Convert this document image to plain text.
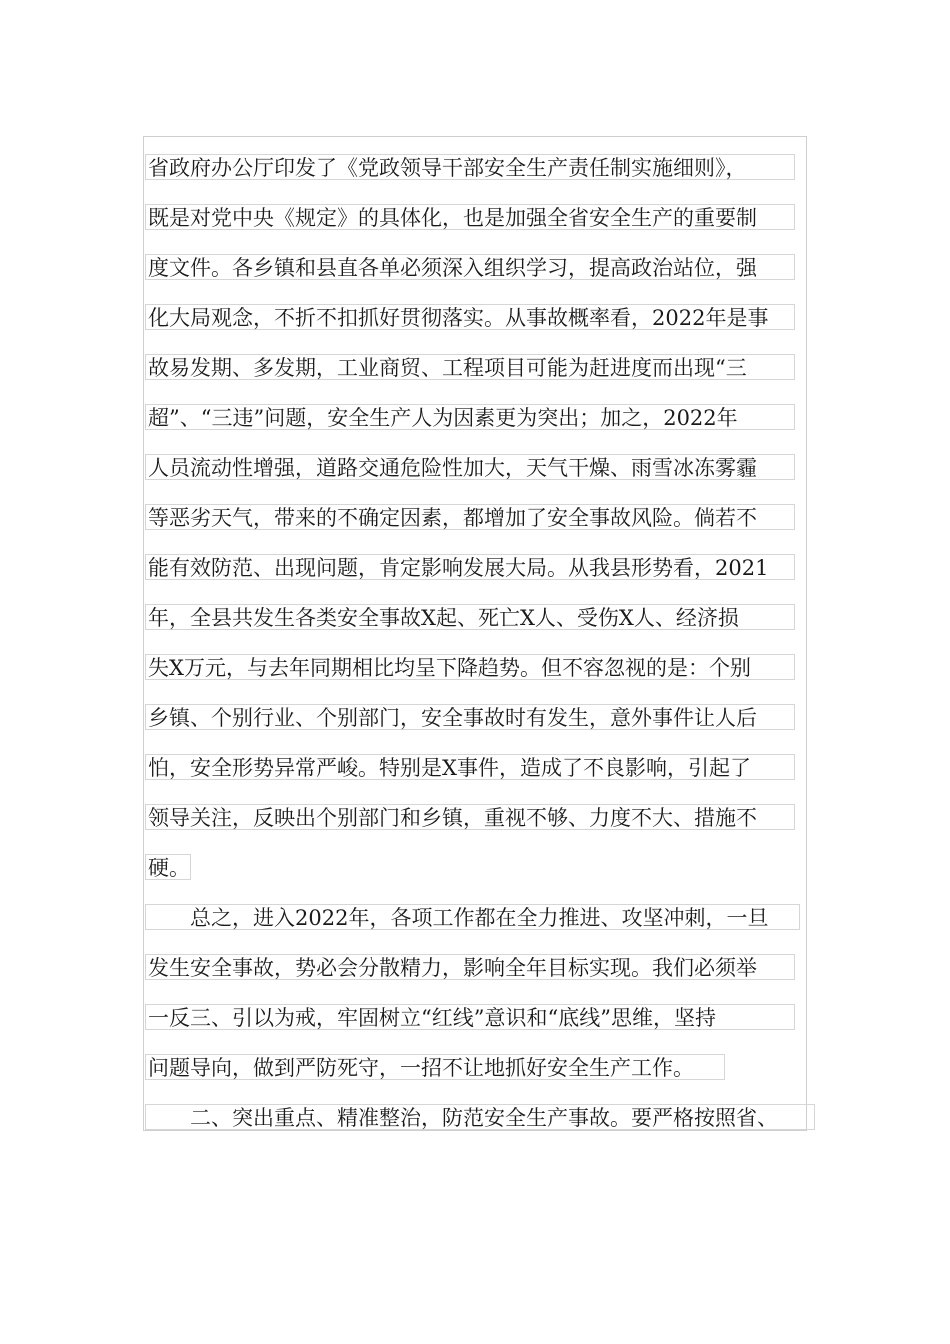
省政府办公厅印发了《党政领导干部安全生产责任制实施细则》，
既是对党中央《规定》的具体化，也是加强全省安全生产的重要制
度文件。各乡镇和县直各单必须深入组织学习，提高政治站位，强
化大局观念，不折不扣抓好贯彻落实。从事故概率看，2022年是事
故易发期、多发期，工业商贸、工程项目可能为赶进度而出现“三
超”、“三违”问题，安全生产人为因素更为突出；加之，2022年
人员流动性增强，道路交通危险性加大，天气干燥、雨雪冰冻雾霾
等恶劣天气，带来的不确定因素，都增加了安全事故风险。倘若不
能有效防范、出现问题，肯定影响发展大局。从我县形势看，2021
年，全县共发生各类安全事故X起、死亡X人、受伤X人、经济损
失X万元，与去年同期相比均呈下降趋势。但不容忽视的是：个别
乡镇、个别行业、个别部门，安全事故时有发生，意外事件让人后
怕，安全形势异常严峻。特别是X事件，造成了不良影响，引起了
领导关注，反映出个别部门和乡镇，重视不够、力度不大、措施不
硬。
　　总之，进入2022年，各项工作都在全力推进、攻坚冲刺，一旦
发生安全事故，势必会分散精力，影响全年目标实现。我们必须举
一反三、引以为戒，牢固树立“红线”意识和“底线”思维，坚持
问题导向，做到严防死守，一招不让地抓好安全生产工作。
　　二、突出重点、精准整治，防范安全生产事故。要严格按照省、
